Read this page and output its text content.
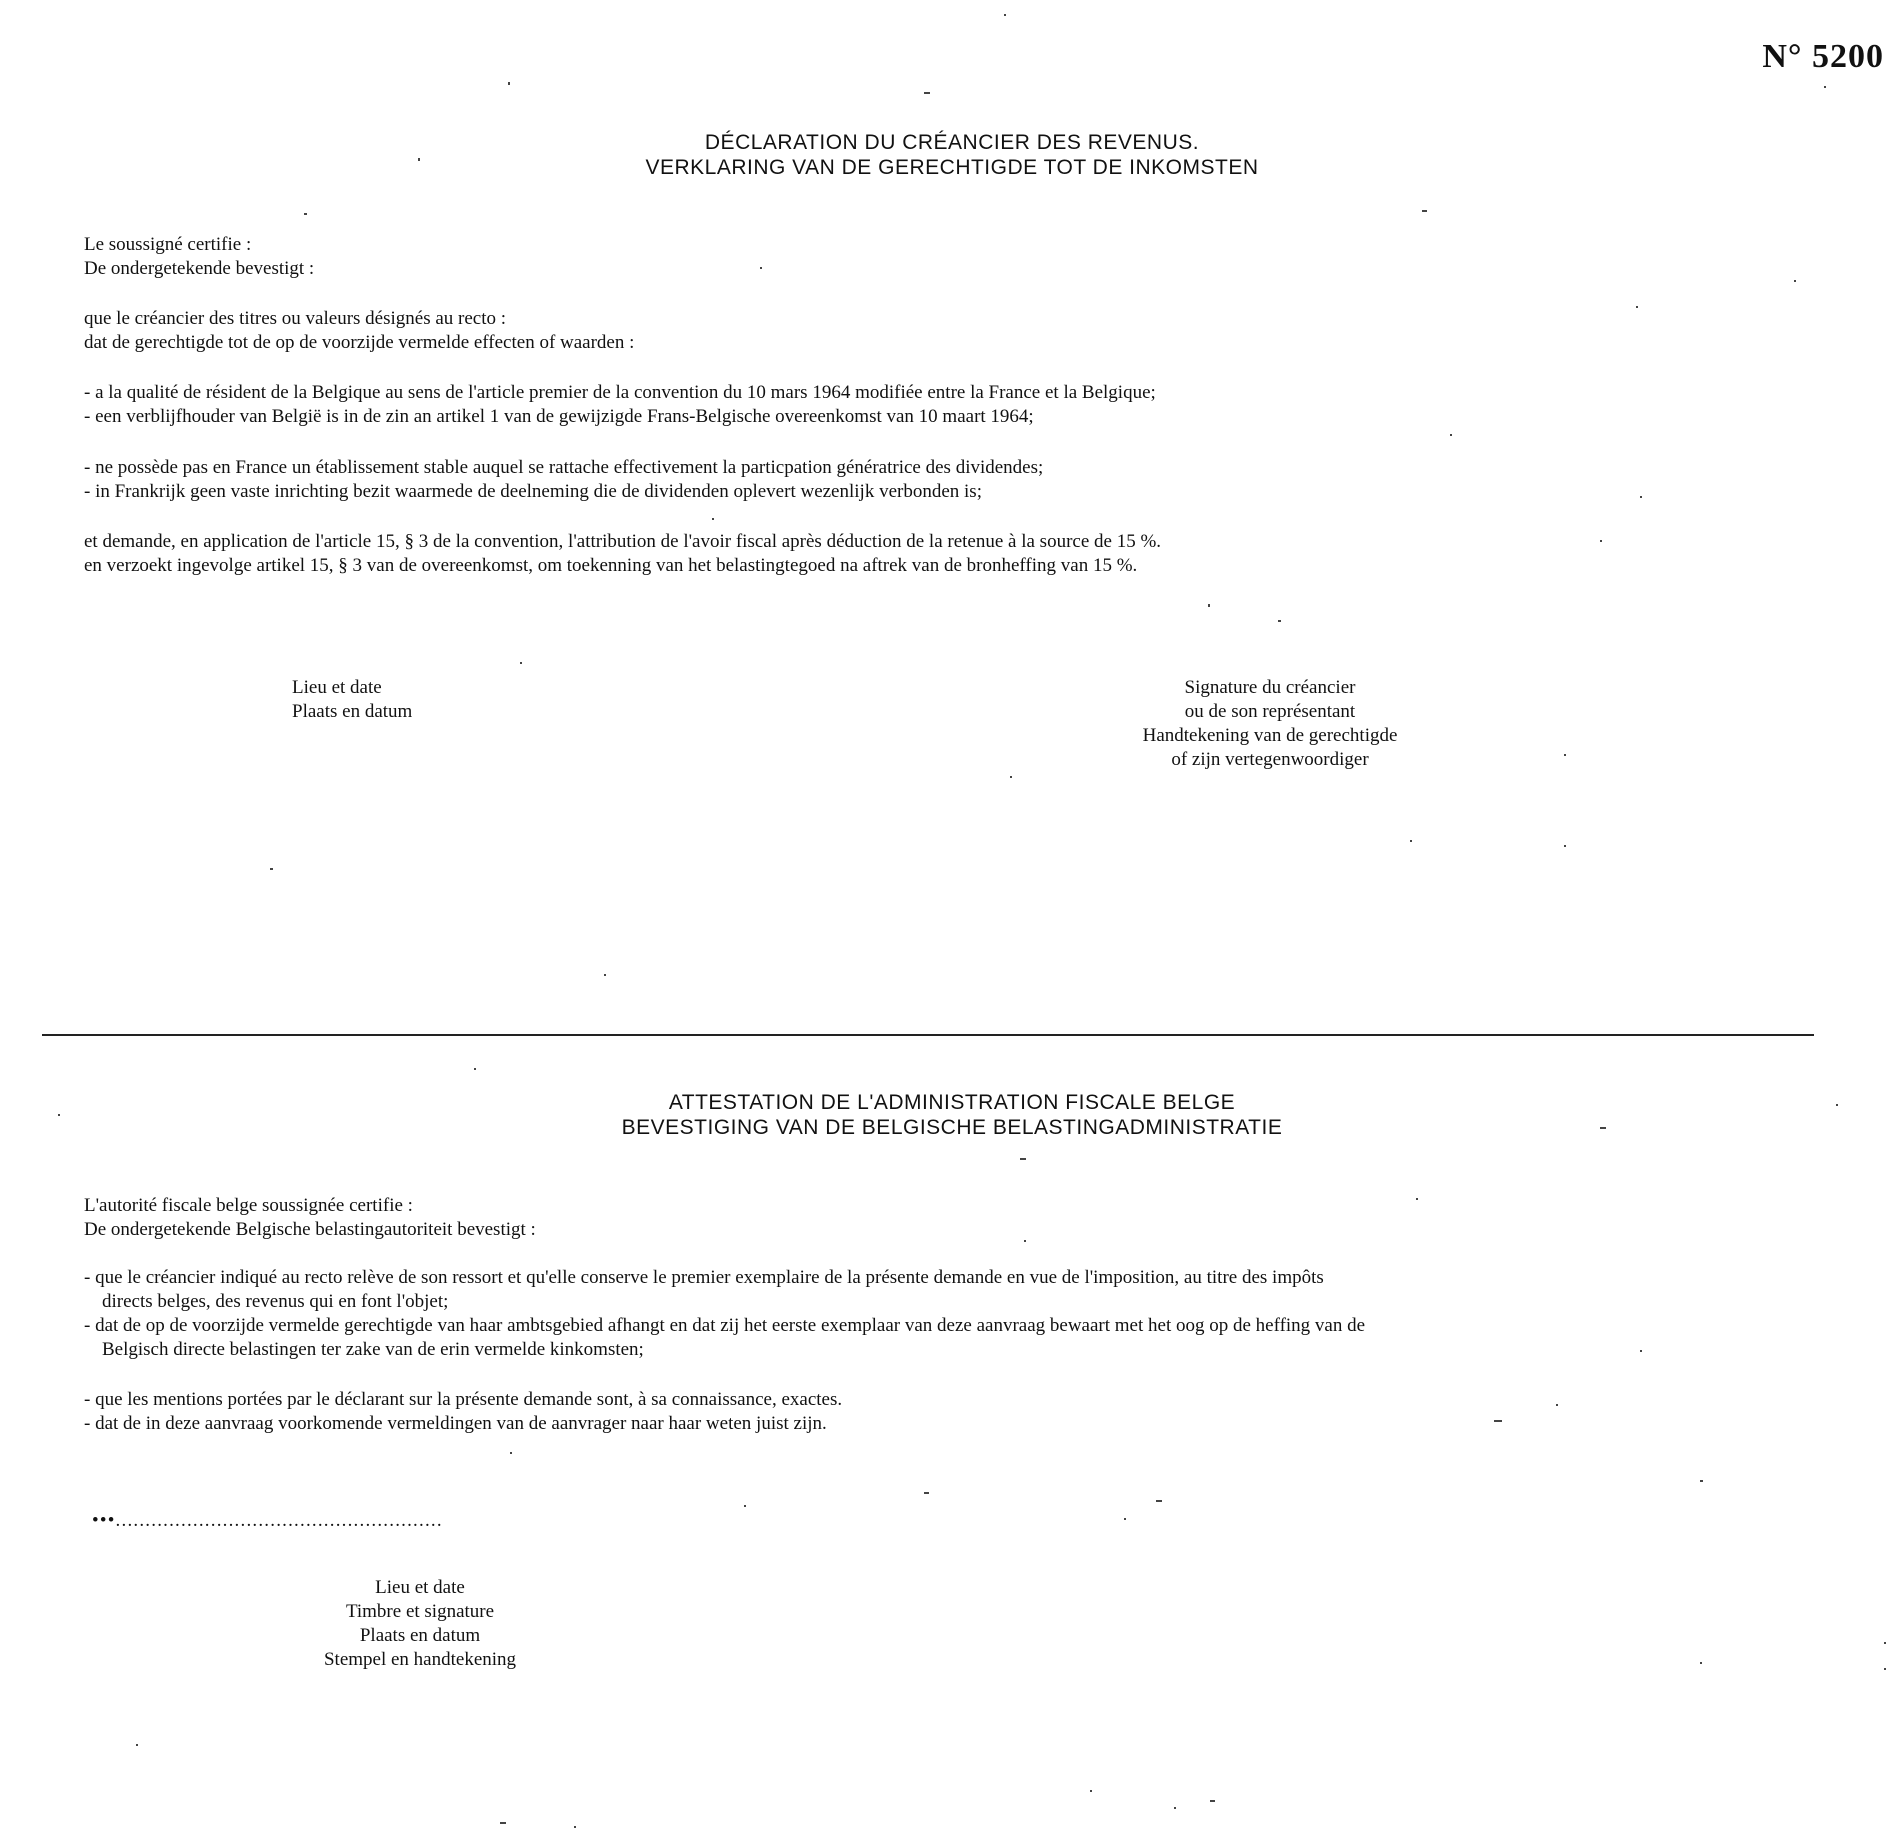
N° 5200
DÉCLARATION DU CRÉANCIER DES REVENUS.
VERKLARING VAN DE GERECHTIGDE TOT DE INKOMSTEN
Le soussigné certifie :
De ondergetekende bevestigt :
que le créancier des titres ou valeurs désignés au recto :
dat de gerechtigde tot de op de voorzijde vermelde effecten of waarden :
- a la qualité de résident de la Belgique au sens de l'article premier de la convention du 10 mars 1964 modifiée entre la France et la Belgique;
- een verblijfhouder van België is in de zin an artikel 1 van de gewijzigde Frans-Belgische overeenkomst van 10 maart 1964;
- ne possède pas en France un établissement stable auquel se rattache effectivement la particpation génératrice des dividendes;
- in Frankrijk geen vaste inrichting bezit waarmede de deelneming die de dividenden oplevert wezenlijk verbonden is;
et demande, en application de l'article 15, § 3 de la convention, l'attribution de l'avoir fiscal après déduction de la retenue à la source de 15 %.
en verzoekt ingevolge artikel 15, § 3 van de overeenkomst, om toekenning van het belastingtegoed na aftrek van de bronheffing van 15 %.
Lieu et date
Plaats en datum
Signature du créancier
ou de son représentant
Handtekening van de gerechtigde
of zijn vertegenwoordiger
ATTESTATION DE L'ADMINISTRATION FISCALE BELGE
BEVESTIGING VAN DE BELGISCHE BELASTINGADMINISTRATIE
L'autorité fiscale belge soussignée certifie :
De ondergetekende Belgische belastingautoriteit bevestigt :
- que le créancier indiqué au recto relève de son ressort et qu'elle conserve le premier exemplaire de la présente demande en vue de l'imposition, au titre des impôts
directs belges, des revenus qui en font l'objet;
- dat de op de voorzijde vermelde gerechtigde van haar ambtsgebied afhangt en dat zij het eerste exemplaar van deze aanvraag bewaart met het oog op de heffing van de
Belgisch directe belastingen ter zake van de erin vermelde kinkomsten;
- que les mentions portées par le déclarant sur la présente demande sont, à sa connaissance, exactes.
- dat de in deze aanvraag voorkomende vermeldingen van de aanvrager naar haar weten juist zijn.
•••.......................................................
Lieu et date
Timbre et signature
Plaats en datum
Stempel en handtekening
